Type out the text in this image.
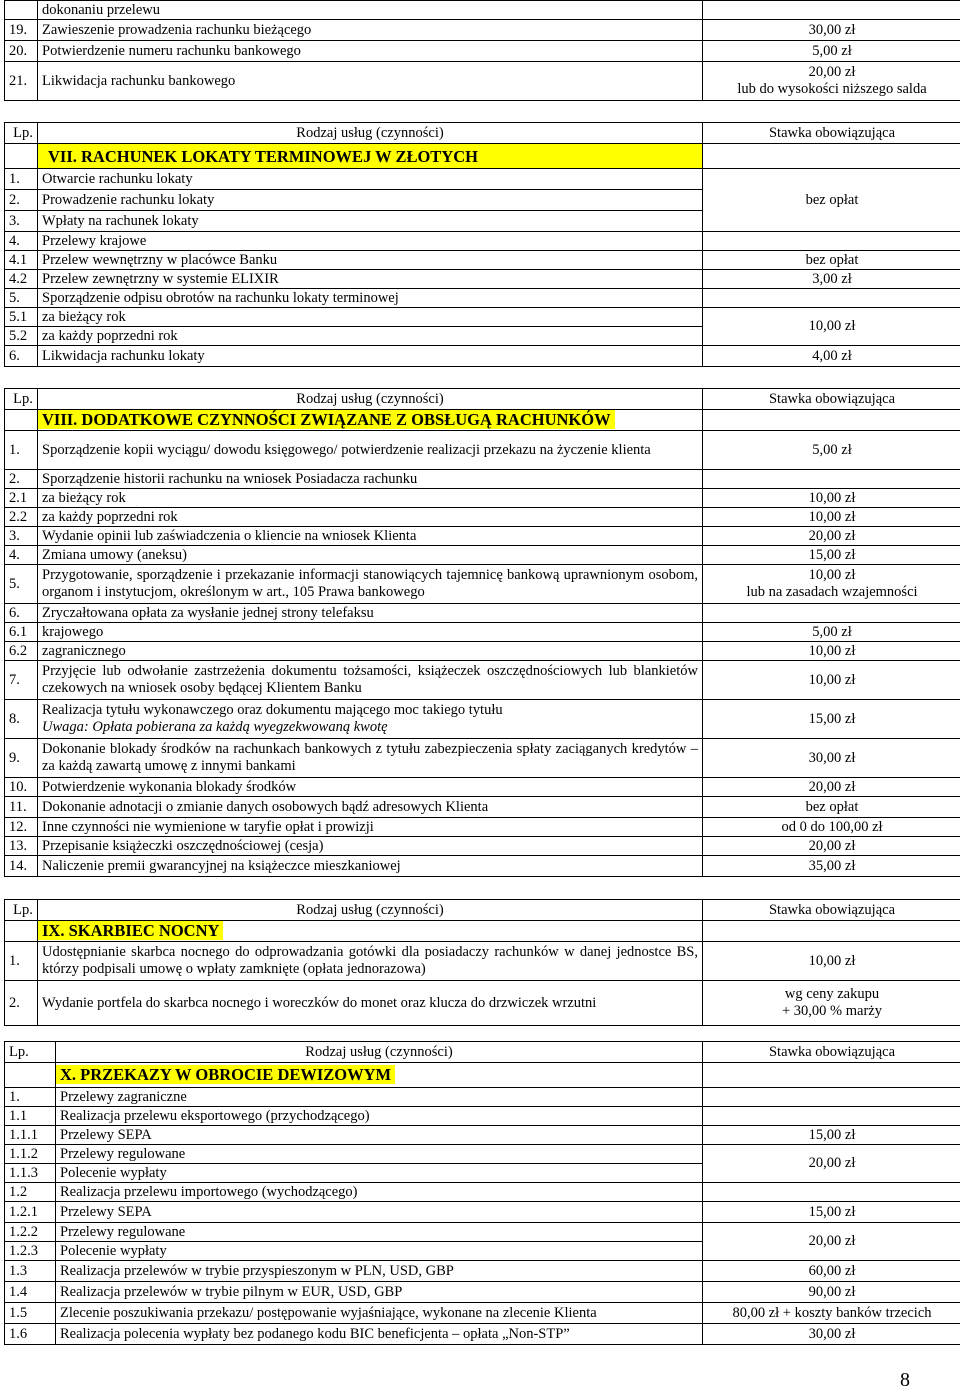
	dokonaniu przelewu	
19.	Zawieszenie prowadzenia rachunku bieżącego	30,00 zł
20.	Potwierdzenie numeru rachunku bankowego	5,00 zł
21.	Likwidacja rachunku bankowego	20,00 zł
lub do wysokości niższego salda
Lp.	Rodzaj usług (czynności)	Stawka obowiązująca
	VII. RACHUNEK LOKATY TERMINOWEJ W ZŁOTYCH	
1.	Otwarcie rachunku lokaty	bez opłat
2.	Prowadzenie rachunku lokaty	
3.	Wpłaty na rachunek lokaty	
4.	Przelewy krajowe	
4.1	Przelew wewnętrzny w placówce Banku	bez opłat
4.2	Przelew zewnętrzny w systemie ELIXIR	3,00 zł
5.	Sporządzenie odpisu obrotów na rachunku lokaty terminowej	
5.1	za bieżący rok	10,00 zł
5.2	za każdy poprzedni rok	
6.	Likwidacja rachunku lokaty	4,00 zł
Lp.	Rodzaj usług (czynności)	Stawka obowiązująca
	VIII. DODATKOWE CZYNNOŚCI ZWIĄZANE Z OBSŁUGĄ RACHUNKÓW	
1.	Sporządzenie kopii wyciągu/ dowodu księgowego/ potwierdzenie realizacji przekazu na życzenie klienta	5,00 zł
2.	Sporządzenie historii rachunku na wniosek Posiadacza rachunku	
2.1	za bieżący rok	10,00 zł
2.2	za każdy poprzedni rok	10,00 zł
3.	Wydanie opinii lub zaświadczenia o kliencie na wniosek Klienta	20,00 zł
4.	Zmiana umowy (aneksu)	15,00 zł
5.	Przygotowanie, sporządzenie i przekazanie informacji stanowiących tajemnicę bankową uprawnionym osobom, organom i instytucjom, określonym w art., 105 Prawa bankowego	10,00 zł
lub na zasadach wzajemności

6.	Zryczałtowana opłata za wysłanie jednej strony telefaksu	
6.1	krajowego	5,00 zł
6.2	zagranicznego	10,00 zł
7.	Przyjęcie lub odwołanie zastrzeżenia dokumentu tożsamości, książeczek oszczędnościowych lub blankietów czekowych na wniosek osoby będącej Klientem Banku	10,00 zł
8.	Realizacja tytułu wykonawczego oraz dokumentu mającego moc takiego tytułu
Uwaga: Opłata pobierana za każdą wyegzekwowaną kwotę	15,00 zł
9.	Dokonanie blokady środków na rachunkach bankowych z tytułu zabezpieczenia spłaty zaciąganych kredytów – za każdą zawartą umowę z innymi bankami	30,00 zł
10.	Potwierdzenie wykonania blokady środków	20,00 zł
11.	Dokonanie adnotacji o zmianie danych osobowych bądź adresowych Klienta	bez opłat
12.	Inne czynności nie wymienione w taryfie opłat i prowizji	od 0 do 100,00 zł
13.	Przepisanie książeczki oszczędnościowej (cesja)	20,00 zł
14.	Naliczenie premii gwarancyjnej na książeczce mieszkaniowej	35,00 zł
Lp.	Rodzaj usług (czynności)	Stawka obowiązująca
	IX. SKARBIEC NOCNY	
1.	Udostępnianie skarbca nocnego do odprowadzania gotówki dla posiadaczy rachunków w danej jednostce BS, którzy podpisali umowę o wpłaty zamknięte (opłata jednorazowa)	10,00 zł
2.	Wydanie portfela do skarbca nocnego i woreczków do monet oraz klucza do drzwiczek wrzutni	wg ceny zakupu
+ 30,00 % marży
Lp.	Rodzaj usług (czynności)	Stawka obowiązująca
	X. PRZEKAZY W OBROCIE DEWIZOWYM	
1.	Przelewy zagraniczne	
1.1	Realizacja przelewu eksportowego (przychodzącego)	
1.1.1	Przelewy SEPA	15,00 zł
1.1.2	Przelewy regulowane	20,00 zł
1.1.3	Polecenie wypłaty	
1.2	Realizacja przelewu importowego (wychodzącego)	
1.2.1	Przelewy SEPA	15,00 zł
1.2.2	Przelewy regulowane	20,00 zł
1.2.3	Polecenie wypłaty	
1.3	Realizacja przelewów w trybie przyspieszonym w PLN, USD, GBP	60,00 zł
1.4	Realizacja przelewów w trybie pilnym w EUR, USD, GBP	90,00 zł
1.5	Zlecenie poszukiwania przekazu/ postępowanie wyjaśniające, wykonane na zlecenie Klienta	80,00 zł + koszty banków trzecich
1.6	Realizacja polecenia wypłaty bez podanego kodu BIC beneficjenta – opłata „Non-STP”	30,00 zł
8
